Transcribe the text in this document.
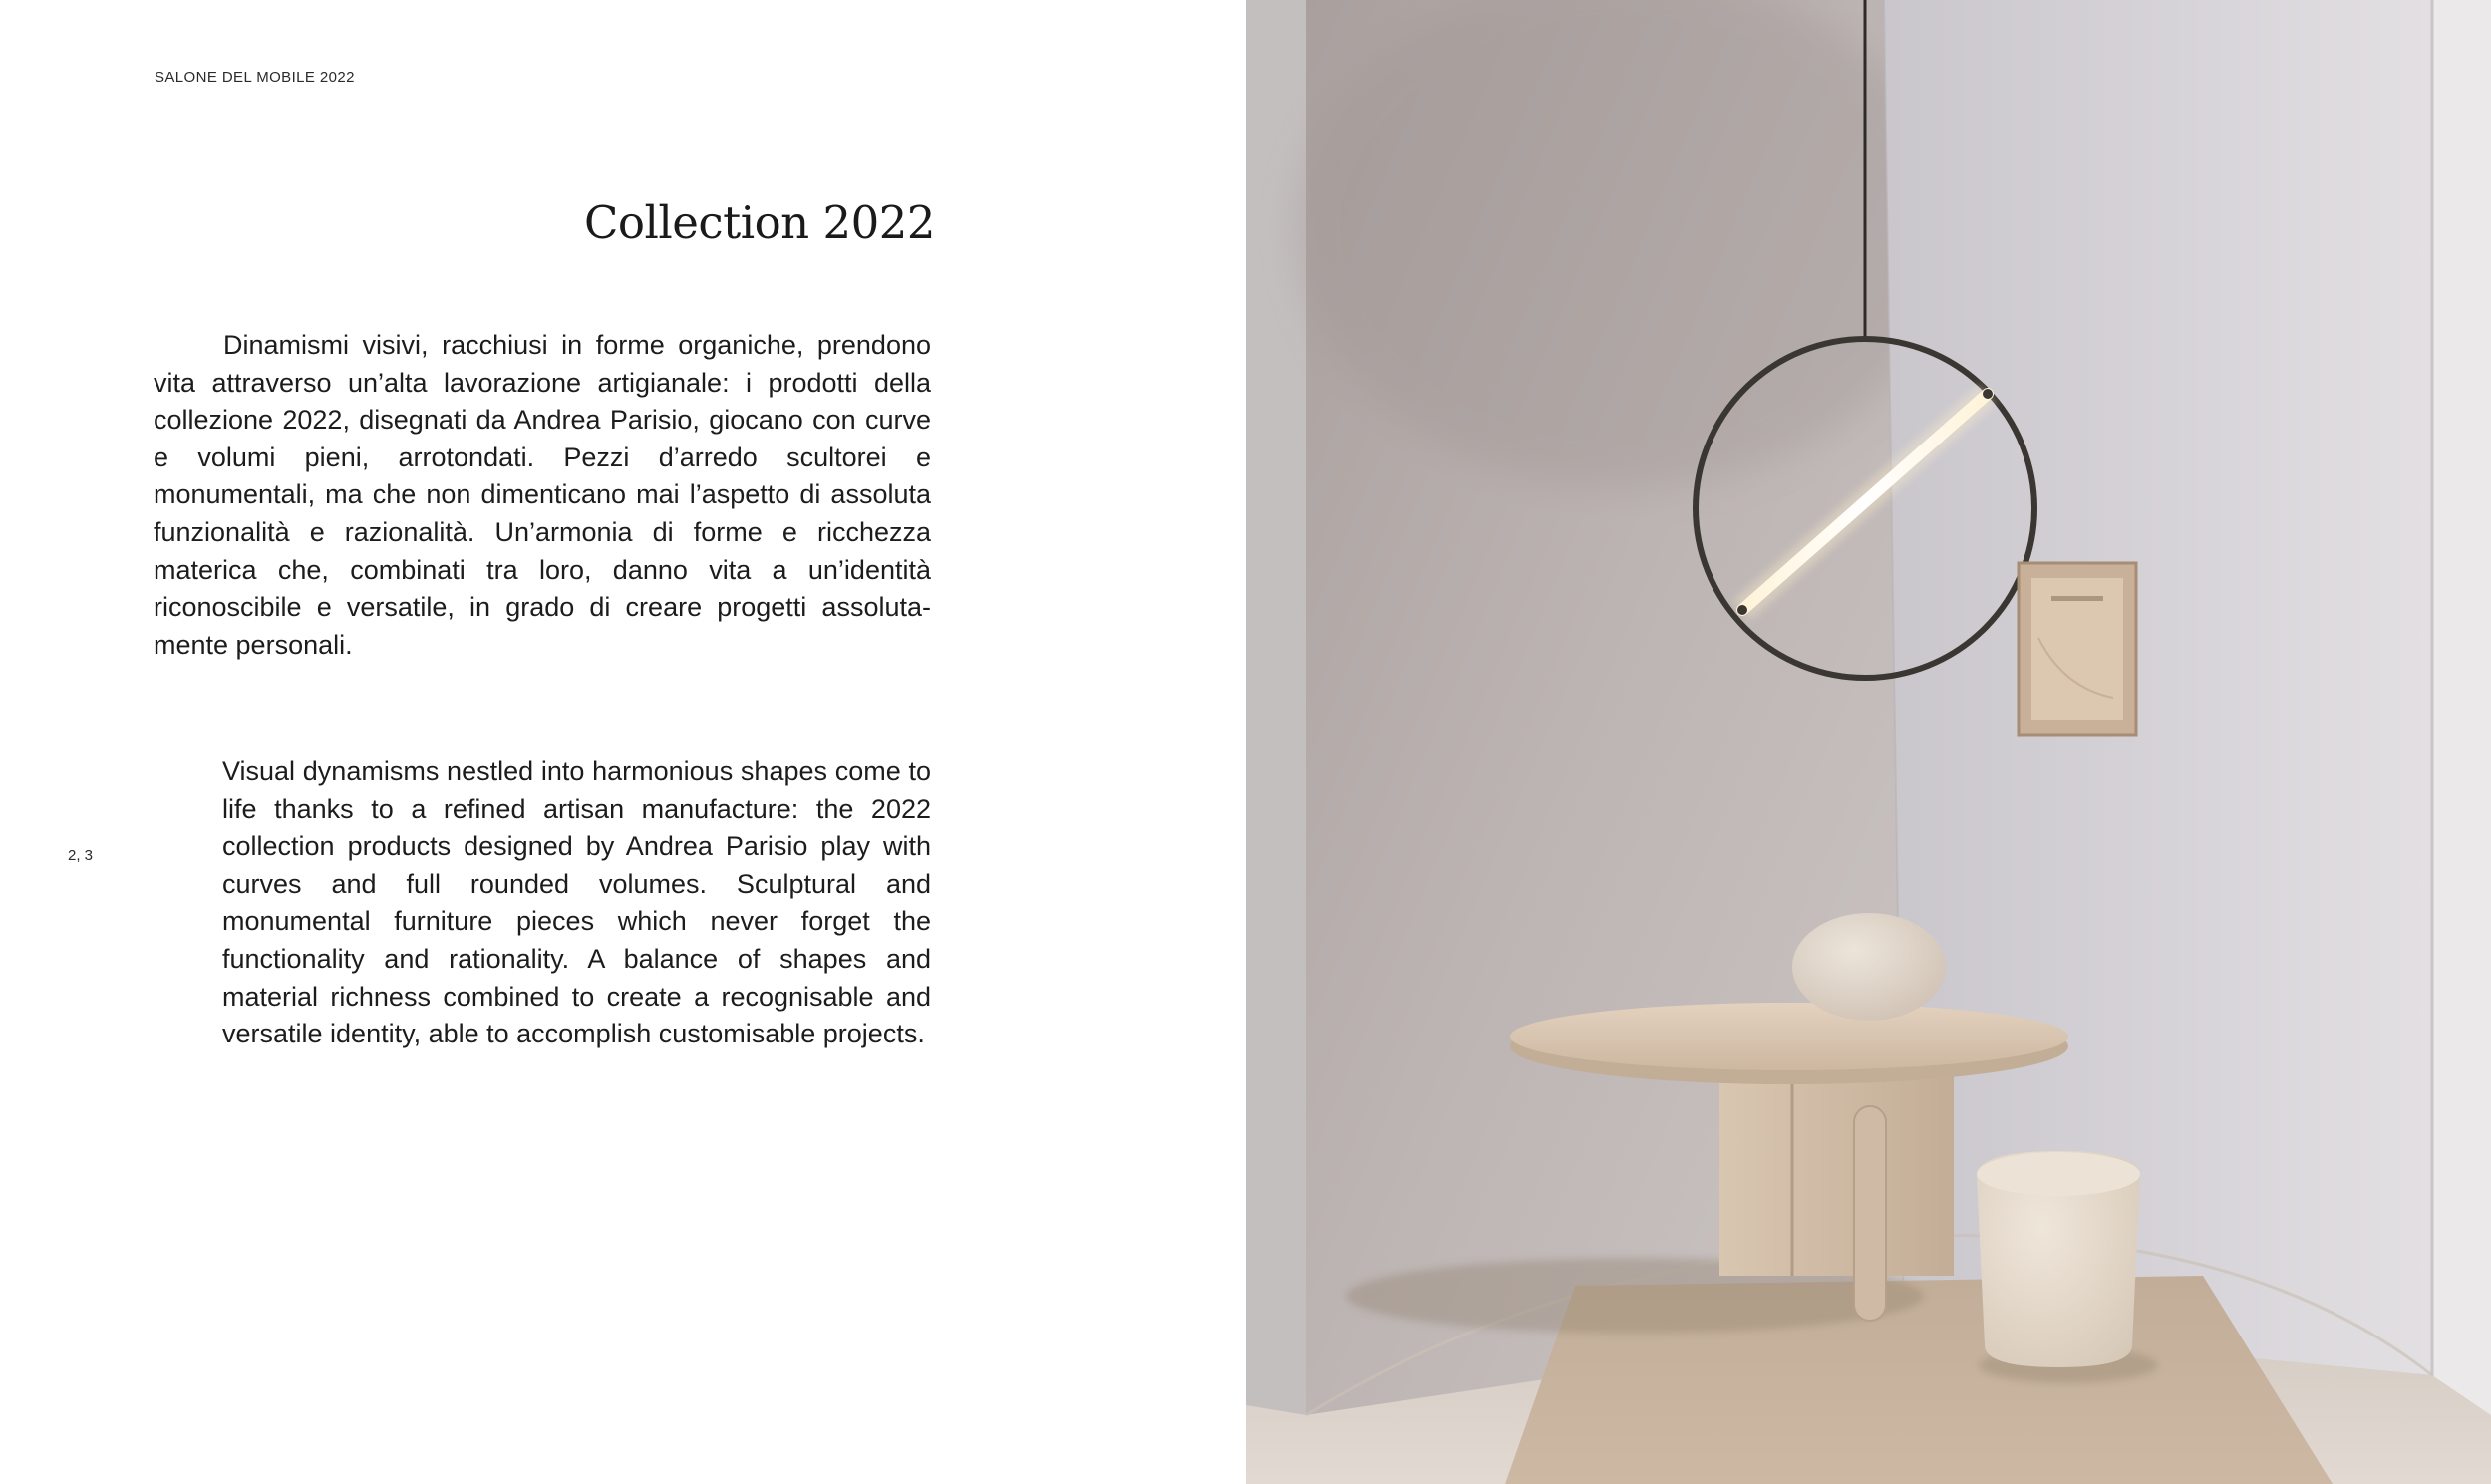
SALONE DEL MOBILE 2022
Collection 2022

Dinamismi visivi, racchiusi in forme organiche, prendono vita attraverso un’alta lavorazione artigianale: i prodotti della collezione 2022, disegnati da Andrea Parisio, giocano con curve e volumi pieni, arrotondati. Pezzi d’arredo scultorei e monumentali, ma che non dimenticano mai l’aspetto di assoluta funzionalità e razionalità. Un’armonia di forme e ricchezza materica che, combinati tra loro, danno vita a un’identità riconoscibile e versatile, in grado di creare progetti assoluta-mente personali.

Visual dynamisms nestled into harmonious shapes come to life thanks to a refined artisan manufacture: the 2022 collection products designed by Andrea Parisio play with curves and full rounded volumes. Sculptural and monumental furniture pieces which never forget the functionality and rationality. A balance of shapes and material richness combined to create a recognisable and versatile identity, able to accomplish customisable projects.

2, 3
